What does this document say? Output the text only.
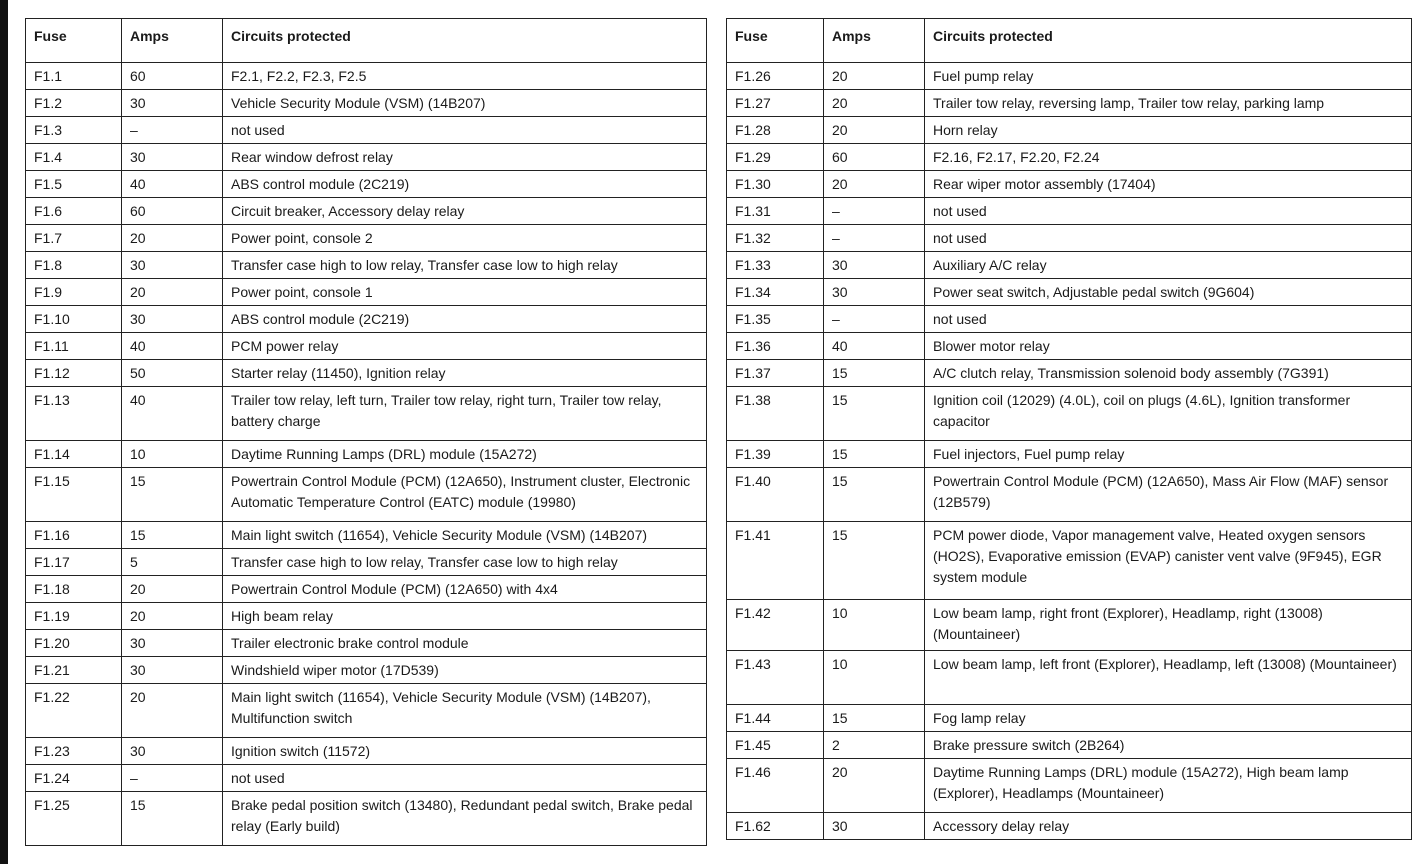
Fuse	Amps	Circuits protected
F1.1	60	F2.1, F2.2, F2.3, F2.5
F1.2	30	Vehicle Security Module (VSM) (14B207)
F1.3	–	not used
F1.4	30	Rear window defrost relay
F1.5	40	ABS control module (2C219)
F1.6	60	Circuit breaker, Accessory delay relay
F1.7	20	Power point, console 2
F1.8	30	Transfer case high to low relay, Transfer case low to high relay
F1.9	20	Power point, console 1
F1.10	30	ABS control module (2C219)
F1.11	40	PCM power relay
F1.12	50	Starter relay (11450), Ignition relay
F1.13	40	Trailer tow relay, left turn, Trailer tow relay, right turn, Trailer tow relay, battery charge
F1.14	10	Daytime Running Lamps (DRL) module (15A272)
F1.15	15	Powertrain Control Module (PCM) (12A650), Instrument cluster, Electronic Automatic Temperature Control (EATC) module (19980)
F1.16	15	Main light switch (11654), Vehicle Security Module (VSM) (14B207)
F1.17	5	Transfer case high to low relay, Transfer case low to high relay
F1.18	20	Powertrain Control Module (PCM) (12A650) with 4x4
F1.19	20	High beam relay
F1.20	30	Trailer electronic brake control module
F1.21	30	Windshield wiper motor (17D539)
F1.22	20	Main light switch (11654), Vehicle Security Module (VSM) (14B207), Multifunction switch
F1.23	30	Ignition switch (11572)
F1.24	–	not used
F1.25	15	Brake pedal position switch (13480), Redundant pedal switch, Brake pedal relay (Early build)
Fuse	Amps	Circuits protected
F1.26	20	Fuel pump relay
F1.27	20	Trailer tow relay, reversing lamp, Trailer tow relay, parking lamp
F1.28	20	Horn relay
F1.29	60	F2.16, F2.17, F2.20, F2.24
F1.30	20	Rear wiper motor assembly (17404)
F1.31	–	not used
F1.32	–	not used
F1.33	30	Auxiliary A/C relay
F1.34	30	Power seat switch, Adjustable pedal switch (9G604)
F1.35	–	not used
F1.36	40	Blower motor relay
F1.37	15	A/C clutch relay, Transmission solenoid body assembly (7G391)
F1.38	15	Ignition coil (12029) (4.0L), coil on plugs (4.6L), Ignition transformer capacitor
F1.39	15	Fuel injectors, Fuel pump relay
F1.40	15	Powertrain Control Module (PCM) (12A650), Mass Air Flow (MAF) sensor (12B579)
F1.41	15	PCM power diode, Vapor management valve, Heated oxygen sensors (HO2S), Evaporative emission (EVAP) canister vent valve (9F945), EGR system module
F1.42	10	Low beam lamp, right front (Explorer), Headlamp, right (13008) (Mountaineer)
F1.43	10	Low beam lamp, left front (Explorer), Headlamp, left (13008) (Mountaineer)
F1.44	15	Fog lamp relay
F1.45	2	Brake pressure switch (2B264)
F1.46	20	Daytime Running Lamps (DRL) module (15A272), High beam lamp (Explorer), Headlamps (Mountaineer)
F1.62	30	Accessory delay relay
